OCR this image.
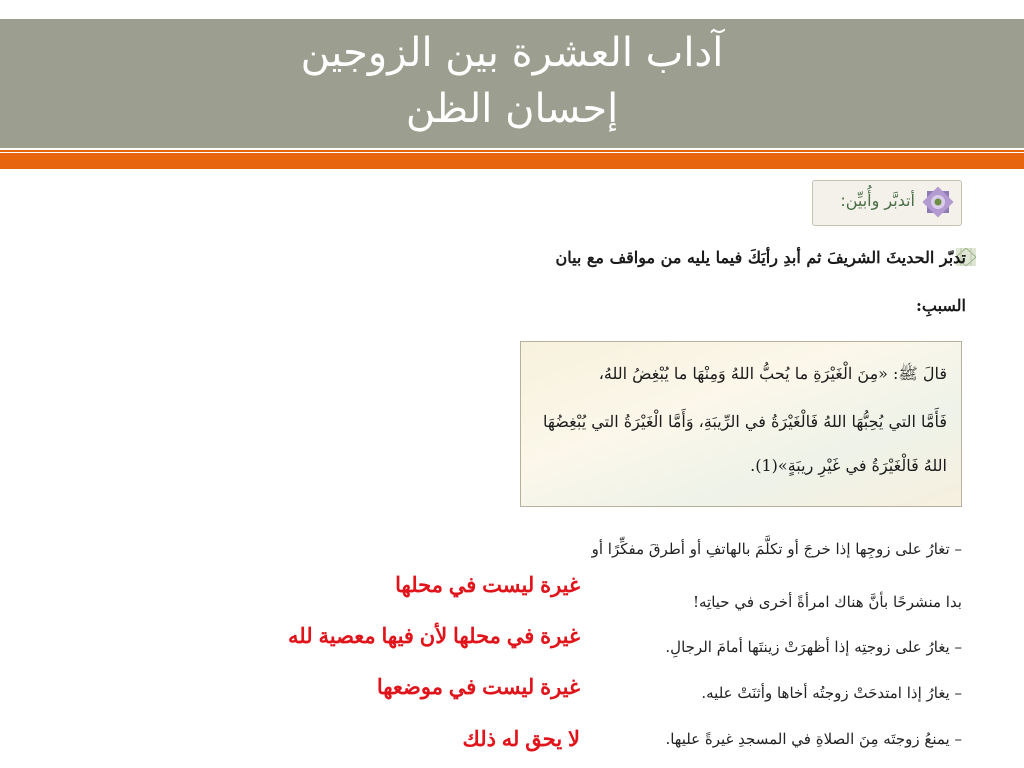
آداب العشرة بين الزوجين
إحسان الظن
أتدبَّر وأُبيِّن:
تدبّر الحديثَ الشريفَ ثم أبدِ رأيَكَ فيما يليه من مواقف مع بيان
السببِ:
قالَ ﷺ: «مِنَ الْغَيْرَةِ ما يُحبُّ اللهُ وَمِنْهَا ما يُبْغِضُ اللهُ،
فَأَمَّا التي يُحِبُّهَا اللهُ فَالْغَيْرَةُ في الرِّيبَةِ، وَأَمَّا الْغَيْرَةُ التي يُبْغِضُهَا
اللهُ فَالْغَيْرَةُ في غَيْرِ ريبَةٍ»(1).
– تغارُ على زوجِها إذا خرجَ أو تكلَّمَ بالهاتفِ أو أطرقَ مفكِّرًا أو
بدا منشرحًا بأنَّ هناك امرأةً أخرى في حياتِه!
– يغارُ على زوجتِه إذا أظهرَتْ زينتَها أمامَ الرجالِ.
– يغارُ إذا امتدحَتْ زوجتُه أخاها وأثنَتْ عليه.
– يمنعُ زوجتَه مِنَ الصلاةِ في المسجدِ غيرةً عليها.
غيرة ليست في محلها
غيرة في محلها لأن فيها معصية لله
غيرة ليست في موضعها
لا يحق له ذلك
